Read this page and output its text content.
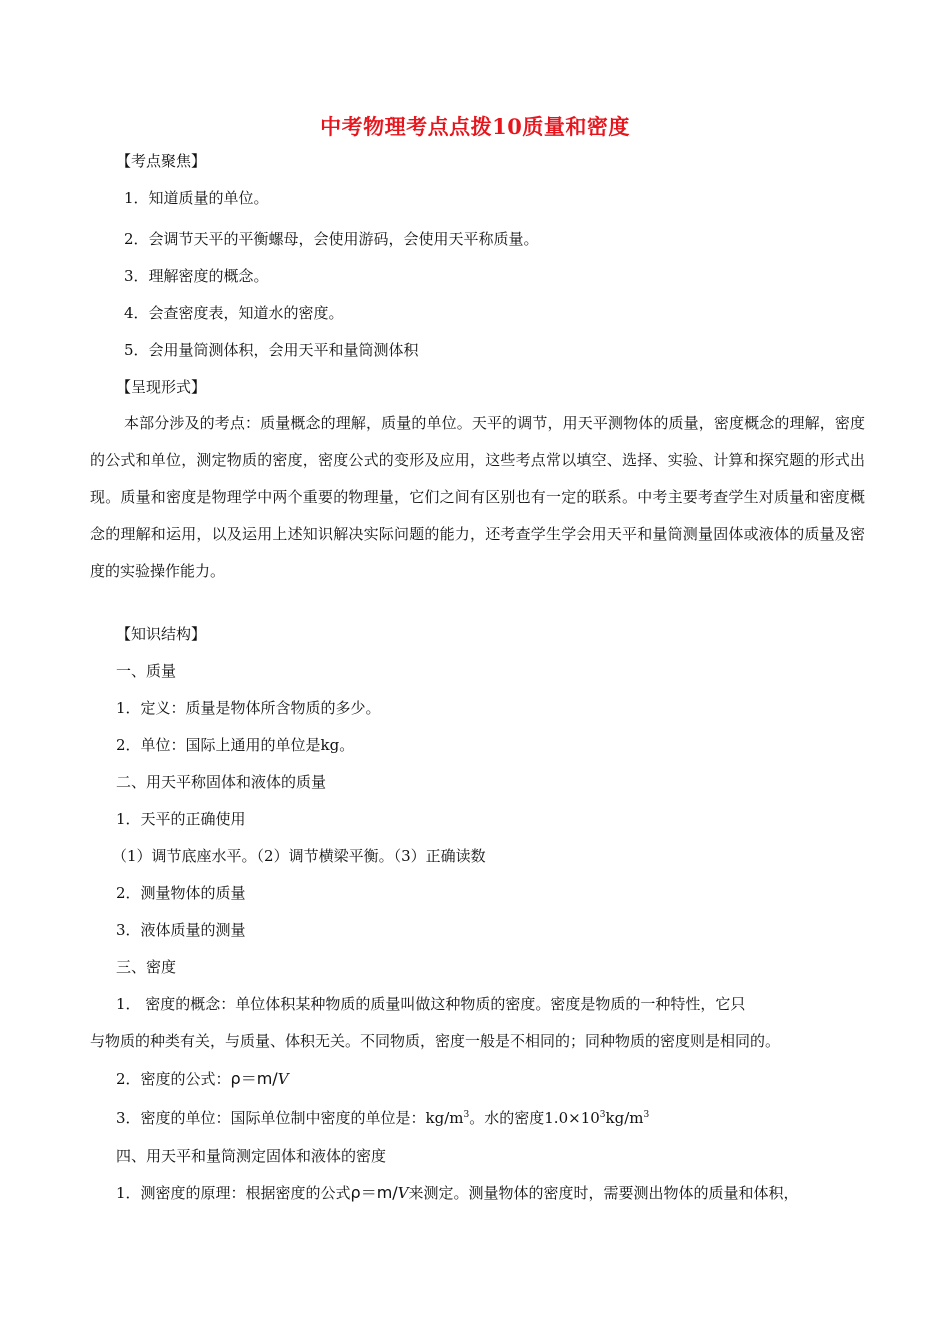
中考物理考点点拨10质量和密度
【考点聚焦】
1．知道质量的单位。
2．会调节天平的平衡螺母，会使用游码，会使用天平称质量。
3．理解密度的概念。
4．会查密度表，知道水的密度。
5．会用量筒测体积，会用天平和量筒测体积
【呈现形式】
本部分涉及的考点：质量概念的理解，质量的单位。天平的调节，用天平测物体的质量，密度概念的理解，密度的公式和单位，测定物质的密度，密度公式的变形及应用，这些考点常以填空、选择、实验、计算和探究题的形式出现。质量和密度是物理学中两个重要的物理量，它们之间有区别也有一定的联系。中考主要考查学生对质量和密度概念的理解和运用，以及运用上述知识解决实际问题的能力，还考查学生学会用天平和量筒测量固体或液体的质量及密度的实验操作能力。
【知识结构】
一、质量
1．定义：质量是物体所含物质的多少。
2．单位：国际上通用的单位是kg。
二、用天平称固体和液体的质量
1．天平的正确使用
（1）调节底座水平。（2）调节横梁平衡。（3）正确读数
2．测量物体的质量
3．液体质量的测量
三、密度
1． 密度的概念：单位体积某种物质的质量叫做这种物质的密度。密度是物质的一种特性，它只
与物质的种类有关，与质量、体积无关。不同物质，密度一般是不相同的；同种物质的密度则是相同的。
2．密度的公式：ρ＝m/V
3．密度的单位：国际单位制中密度的单位是：$kg/m^3$。水的密度$1.0\times 10^3kg/m^3$
四、用天平和量筒测定固体和液体的密度
1．测密度的原理：根据密度的公式ρ＝m/V来测定。测量物体的密度时，需要测出物体的质量和体积，
